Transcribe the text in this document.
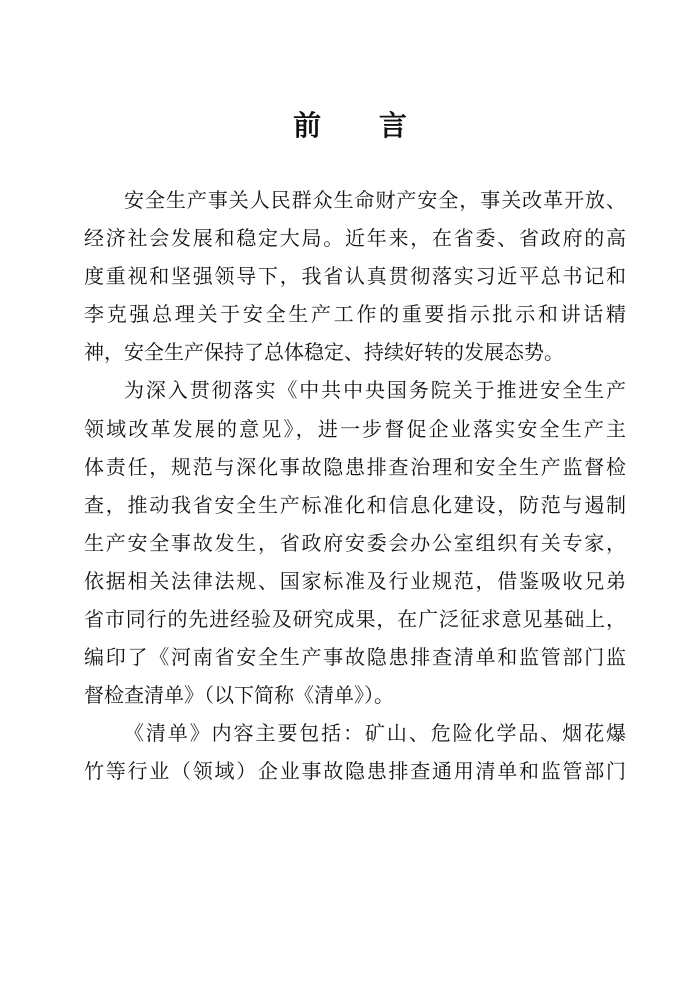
前 言
安全生产事关人民群众生命财产安全，事关改革开放、
经济社会发展和稳定大局。近年来，在省委、省政府的高
度重视和坚强领导下，我省认真贯彻落实习近平总书记和
李克强总理关于安全生产工作的重要指示批示和讲话精
神，安全生产保持了总体稳定、持续好转的发展态势。
为深入贯彻落实《中共中央国务院关于推进安全生产
领域改革发展的意见》，进一步督促企业落实安全生产主
体责任，规范与深化事故隐患排查治理和安全生产监督检
查，推动我省安全生产标准化和信息化建设，防范与遏制
生产安全事故发生，省政府安委会办公室组织有关专家，
依据相关法律法规、国家标准及行业规范，借鉴吸收兄弟
省市同行的先进经验及研究成果，在广泛征求意见基础上，
编印了《河南省安全生产事故隐患排查清单和监管部门监
督检查清单》（以下简称《清单》）。
《清单》内容主要包括：矿山、危险化学品、烟花爆
竹等行业（领域）企业事故隐患排查通用清单和监管部门
